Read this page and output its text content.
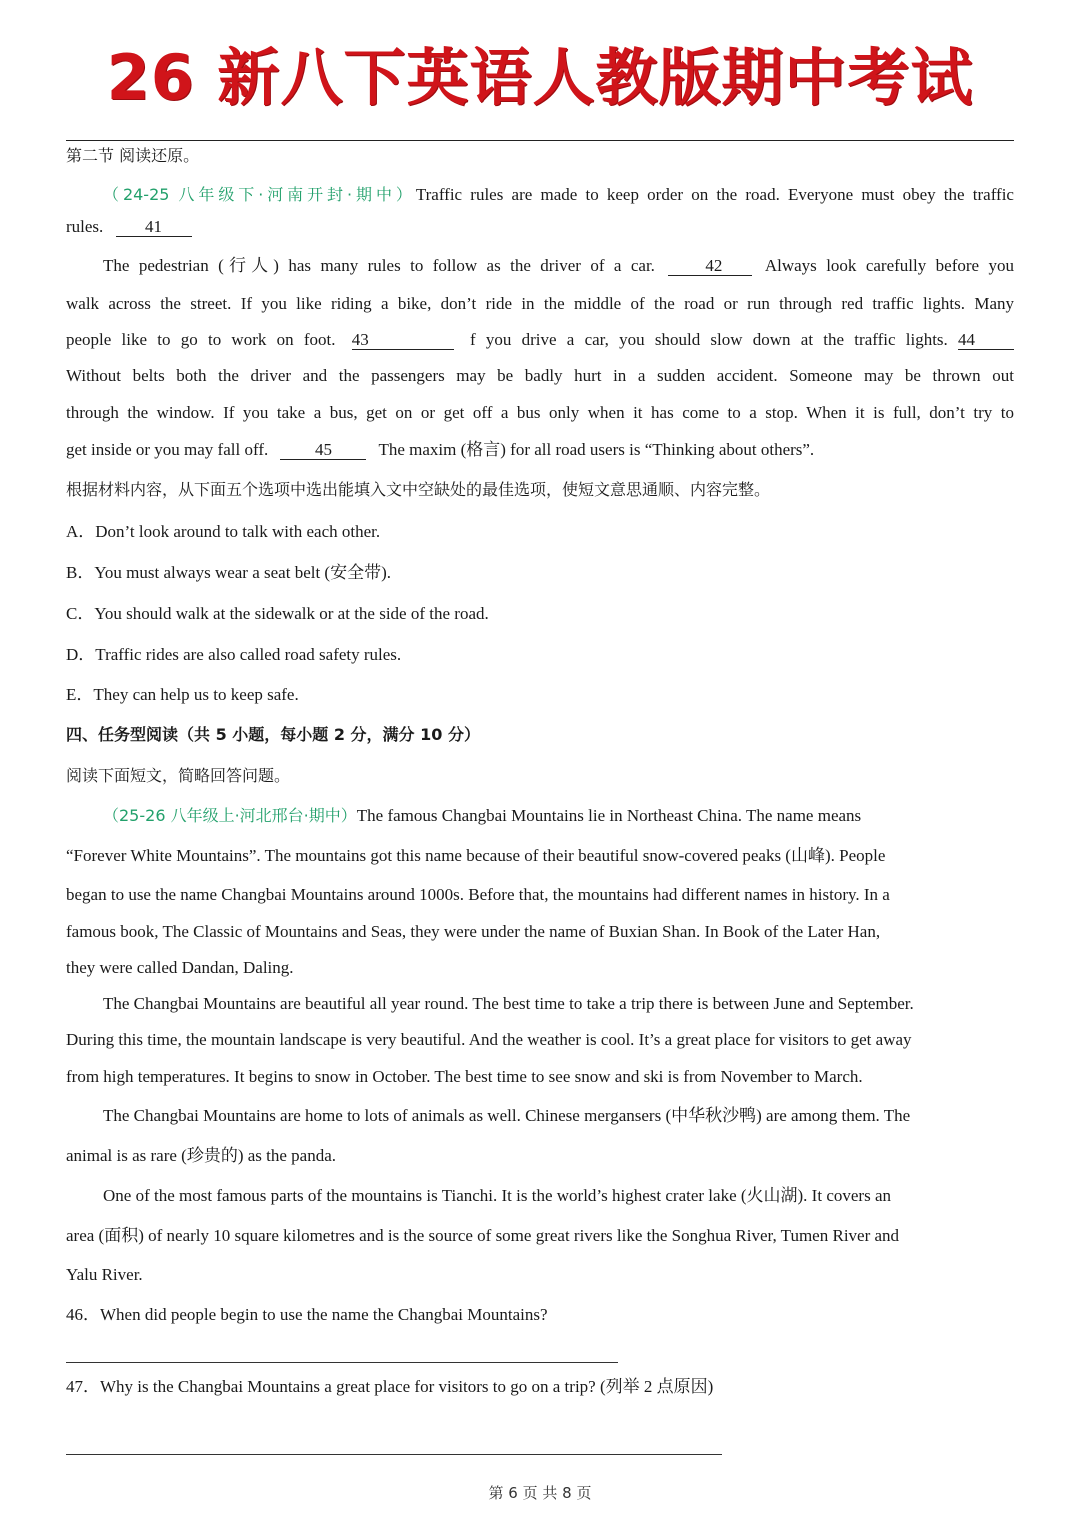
26 新八下英语人教版期中考试
第二节 阅读还原。
（24-25 八年级下·河南开封·期中）Traffic rules are made to keep order on the road. Everyone must obey the traffic
rules. 41
The pedestrian (行人) has many rules to follow as the driver of a car.	42 Always look carefully before you
walk across the street. If you like riding a bike, don’t ride in the middle of the road or run through red traffic lights. Many
people like to go to work on foot. 43	f you drive a car, you should slow down at the traffic lights. 44
Without belts both the driver and the passengers may be badly hurt in a sudden accident. Someone may be thrown out
through the window. If you take a bus, get on or get off a bus only when it has come to a stop. When it is full, don’t try to
get inside or you may fall off.	45	The maxim (格言) for all road users is “Thinking about others”.
根据材料内容，从下面五个选项中选出能填入文中空缺处的最佳选项，使短文意思通顺、内容完整。
A．Don’t look around to talk with each other.
B．You must always wear a seat belt (安全带).
C．You should walk at the sidewalk or at the side of the road.
D．Traffic rides are also called road safety rules.
E．They can help us to keep safe.
四、任务型阅读（共 5 小题，每小题 2 分，满分 10 分）
阅读下面短文，简略回答问题。
（25-26 八年级上·河北邢台·期中）The famous Changbai Mountains lie in Northeast China. The name means
“Forever White Mountains”. The mountains got this name because of their beautiful snow-covered peaks (山峰). People
began to use the name Changbai Mountains around 1000s. Before that, the mountains had different names in history. In a
famous book, The Classic of Mountains and Seas, they were under the name of Buxian Shan. In Book of the Later Han,
they were called Dandan, Daling.
The Changbai Mountains are beautiful all year round. The best time to take a trip there is between June and September.
During this time, the mountain landscape is very beautiful. And the weather is cool. It’s a great place for visitors to get away
from high temperatures. It begins to snow in October. The best time to see snow and ski is from November to March.
The Changbai Mountains are home to lots of animals as well. Chinese mergansers (中华秋沙鸭) are among them. The
animal is as rare (珍贵的) as the panda.
One of the most famous parts of the mountains is Tianchi. It is the world’s highest crater lake (火山湖). It covers an
area (面积) of nearly 10 square kilometres and is the source of some great rivers like the Songhua River, Tumen River and
Yalu River.
46．When did people begin to use the name the Changbai Mountains?
47．Why is the Changbai Mountains a great place for visitors to go on a trip? (列举 2 点原因)
第 6 页 共 8 页
